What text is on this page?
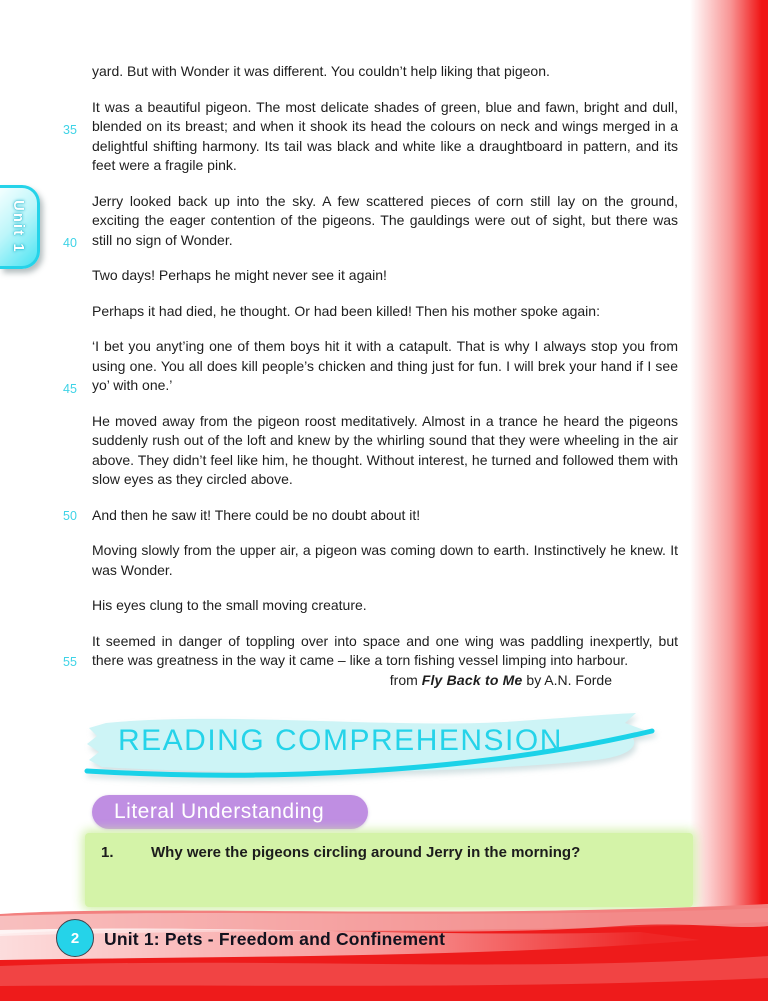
Unit 1
35
40
45
50
55

yard. But with Wonder it was different. You couldn’t help liking that pigeon.

It was a beautiful pigeon. The most delicate shades of green, blue and fawn, bright and dull, blended on its breast; and when it shook its head the colours on neck and wings merged in a delightful shifting harmony. Its tail was black and white like a draughtboard in pattern, and its feet were a fragile pink.

Jerry looked back up into the sky. A few scattered pieces of corn still lay on the ground, exciting the eager contention of the pigeons. The gauldings were out of sight, but there was still no sign of Wonder.

Two days! Perhaps he might never see it again!

Perhaps it had died, he thought. Or had been killed! Then his mother spoke again:

‘I bet you anyt’ing one of them boys hit it with a catapult. That is why I always stop you from using one. You all does kill people’s chicken and thing just for fun. I will brek your hand if I see yo’ with one.’

He moved away from the pigeon roost meditatively. Almost in a trance he heard the pigeons suddenly rush out of the loft and knew by the whirling sound that they were wheeling in the air above. They didn’t feel like him, he thought. Without interest, he turned and followed them with slow eyes as they circled above.

And then he saw it! There could be no doubt about it!

Moving slowly from the upper air, a pigeon was coming down to earth. Instinctively he knew. It was Wonder.

His eyes clung to the small moving creature.

It seemed in danger of toppling over into space and one wing was paddling inexpertly, but there was greatness in the way it came – like a torn fishing vessel limping into harbour.

from Fly Back to Me by A.N. Forde
READING COMPREHENSION
Literal Understanding
1.	Why were the pigeons circling around Jerry in the morning?
2 Unit 1: Pets - Freedom and Confinement
